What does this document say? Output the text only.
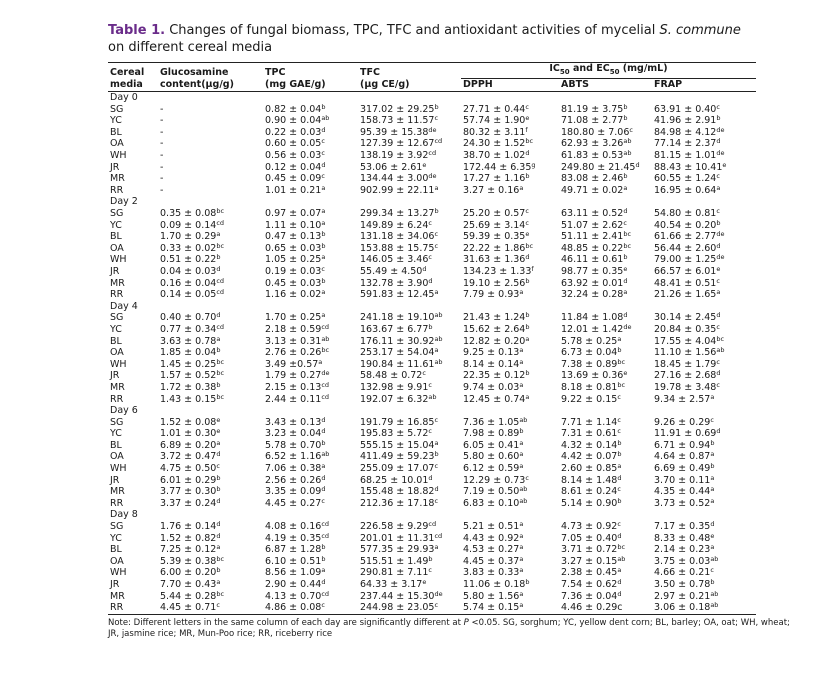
Table 1. Changes of fungal biomass, TPC, TFC and antioxidant activities of mycelial S. commune on different cereal media
Cereal	Glucosamine	TPC	TFC	$IC_{50}$ and $EC_{50}$ (mg/mL)		
media	content(µg/g)	(mg GAE/g)	(µg CE/g)	DPPH	ABTS	FRAP
Day 0						
SG	-	0.82 ± 0.04$^b$	317.02 ± 29.25$^b$	27.71 ± 0.44$^c$	81.19 ± 3.75$^b$	63.91 ± 0.40$^c$
YC	-	0.90 ± 0.04$^{ab}$	158.73 ± 11.57$^c$	57.74 ± 1.90$^e$	71.08 ± 2.77$^b$	41.96 ± 2.91$^b$
BL	-	0.22 ± 0.03$^d$	95.39 ± 15.38de	80.32 ± 3.11$^f$	180.80 ± 7.06$^c$	84.98 ± 4.12de
OA	-	0.60 ± 0.05$^c$	127.39 ± 12.67$^{cd}$	24.30 ± 1.52$^{bc}$	62.93 ± 3.26$^{ab}$	77.14 ± 2.37$^d$
WH	-	0.56 ± 0.03$^c$	138.19 ± 3.92$^{cd}$	38.70 ± 1.02$^d$	61.83 ± 0.53$^{ab}$	81.15 ± 1.01de
JR	-	0.12 ± 0.04$^d$	53.06 ± 2.61$^e$	172.44 ± 6.35$^g$	249.80 ± 21.45$^d$	88.43 ± 10.41$^e$
MR	-	0.45 ± 0.09$^c$	134.44 ± 3.00de	17.27 ± 1.16$^b$	83.08 ± 2.46$^b$	60.55 ± 1.24$^c$
RR	-	1.01 ± 0.21$^a$	902.99 ± 22.11$^a$	3.27 ± 0.16$^a$	49.71 ± 0.02$^a$	16.95 ± 0.64$^a$
Day 2						
SG	0.35 ± 0.08$^{bc}$	0.97 ± 0.07$^a$	299.34 ± 13.27$^b$	25.20 ± 0.57$^c$	63.11 ± 0.52$^d$	54.80 ± 0.81$^c$
YC	0.09 ± 0.14$^{cd}$	1.11 ± 0.10$^a$	149.89 ± 6.24$^c$	25.69 ± 3.14$^c$	51.07 ± 2.62$^c$	40.54 ± 0.20$^b$
BL	1.70 ± 0.29$^a$	0.47 ± 0.13$^b$	131.18 ± 34.06$^c$	59.39 ± 0.35$^e$	51.11 ± 2.41$^{bc}$	61.66 ± 2.77de
OA	0.33 ± 0.02$^{bc}$	0.65 ± 0.03$^b$	153.88 ± 15.75$^c$	22.22 ± 1.86$^{bc}$	48.85 ± 0.22$^{bc}$	56.44 ± 2.60$^d$
WH	0.51 ± 0.22$^b$	1.05 ± 0.25$^a$	146.05 ± 3.46$^c$	31.63 ± 1.36$^d$	46.11 ± 0.61$^b$	79.00 ± 1.25de
JR	0.04 ± 0.03$^d$	0.19 ± 0.03$^c$	55.49 ± 4.50$^d$	134.23 ± 1.33$^f$	98.77 ± 0.35$^e$	66.57 ± 6.01$^e$
MR	0.16 ± 0.04$^{cd}$	0.45 ± 0.03$^b$	132.78 ± 3.90$^d$	19.10 ± 2.56$^b$	63.92 ± 0.01$^d$	48.41 ± 0.51$^c$
RR	0.14 ± 0.05$^{cd}$	1.16 ± 0.02$^a$	591.83 ± 12.45$^a$	7.79 ± 0.93$^a$	32.24 ± 0.28$^a$	21.26 ± 1.65$^a$
Day 4						
SG	0.40 ± 0.70$^d$	1.70 ± 0.25$^a$	241.18 ± 19.10$^{ab}$	21.43 ± 1.24$^b$	11.84 ± 1.08$^d$	30.14 ± 2.45$^d$
YC	0.77 ± 0.34$^{cd}$	2.18 ± 0.59$^{cd}$	163.67 ± 6.77$^b$	15.62 ± 2.64$^b$	12.01 ± 1.42de	20.84 ± 0.35$^c$
BL	3.63 ± 0.78$^a$	3.13 ± 0.31$^{ab}$	176.11 ± 30.92$^{ab}$	12.82 ± 0.20$^a$	5.78 ± 0.25$^a$	17.55 ± 4.04$^{bc}$
OA	1.85 ± 0.04$^b$	2.76 ± 0.26$^{bc}$	253.17 ± 54.04$^a$	9.25 ± 0.13$^a$	6.73 ± 0.04$^b$	11.10 ± 1.56$^{ab}$
WH	1.45 ± 0.25$^{bc}$	3.49 ±0.57$^a$	190.84 ± 11.61$^{ab}$	8.14 ± 0.14$^a$	7.38 ± 0.89$^{bc}$	18.45 ± 1.79$^c$
JR	1.57 ± 0.52$^{bc}$	1.79 ± 0.27de	58.48 ± 0.72$^c$	22.35 ± 0.12$^b$	13.69 ± 0.36$^e$	27.16 ± 2.68$^d$
MR	1.72 ± 0.38$^b$	2.15 ± 0.13$^{cd}$	132.98 ± 9.91$^c$	9.74 ± 0.03$^a$	8.18 ± 0.81$^{bc}$	19.78 ± 3.48$^c$
RR	1.43 ± 0.15$^{bc}$	2.44 ± 0.11$^{cd}$	192.07 ± 6.32$^{ab}$	12.45 ± 0.74$^a$	9.22 ± 0.15$^c$	9.34 ± 2.57$^a$
Day 6						
SG	1.52 ± 0.08$^e$	3.43 ± 0.13$^d$	191.79 ± 16.85$^c$	7.36 ± 1.05$^{ab}$	7.71 ± 1.14$^c$	9.26 ± 0.29$^c$
YC	1.01 ± 0.30$^e$	3.23 ± 0.04$^d$	195.83 ± 5.72$^c$	7.98 ± 0.89$^b$	7.31 ± 0.61$^c$	11.91 ± 0.69$^d$
BL	6.89 ± 0.20$^a$	5.78 ± 0.70$^b$	555.15 ± 15.04$^a$	6.05 ± 0.41$^a$	4.32 ± 0.14$^b$	6.71 ± 0.94$^b$
OA	3.72 ± 0.47$^d$	6.52 ± 1.16$^{ab}$	411.49 ± 59.23$^b$	5.80 ± 0.60$^a$	4.42 ± 0.07$^b$	4.64 ± 0.87$^a$
WH	4.75 ± 0.50$^c$	7.06 ± 0.38$^a$	255.09 ± 17.07$^c$	6.12 ± 0.59$^a$	2.60 ± 0.85$^a$	6.69 ± 0.49$^b$
JR	6.01 ± 0.29$^b$	2.56 ± 0.26$^d$	68.25 ± 10.01$^d$	12.29 ± 0.73$^c$	8.14 ± 1.48$^d$	3.70 ± 0.11$^a$
MR	3.77 ± 0.30$^b$	3.35 ± 0.09$^d$	155.48 ± 18.82$^d$	7.19 ± 0.50$^{ab}$	8.61 ± 0.24$^c$	4.35 ± 0.44$^a$
RR	3.37 ± 0.24$^d$	4.45 ± 0.27$^c$	212.36 ± 17.18$^c$	6.83 ± 0.10$^{ab}$	5.14 ± 0.90$^b$	3.73 ± 0.52$^a$
Day 8						
SG	1.76 ± 0.14$^d$	4.08 ± 0.16$^{cd}$	226.58 ± 9.29$^{cd}$	5.21 ± 0.51$^a$	4.73 ± 0.92$^c$	7.17 ± 0.35$^d$
YC	1.52 ± 0.82$^d$	4.19 ± 0.35$^{cd}$	201.01 ± 11.31$^{cd}$	4.43 ± 0.92$^a$	7.05 ± 0.40$^d$	8.33 ± 0.48$^e$
BL	7.25 ± 0.12$^a$	6.87 ± 1.28$^b$	577.35 ± 29.93$^a$	4.53 ± 0.27$^a$	3.71 ± 0.72$^{bc}$	2.14 ± 0.23$^a$
OA	5.39 ± 0.38$^{bc}$	6.10 ± 0.51$^b$	515.51 ± 1.49$^b$	4.45 ± 0.37$^a$	3.27 ± 0.15$^{ab}$	3.75 ± 0.03$^{ab}$
WH	6.00 ± 0.20$^b$	8.56 ± 1.09$^a$	290.81 ± 7.11$^c$	3.83 ± 0.33$^a$	2.38 ± 0.45$^a$	4.66 ± 0.21$^c$
JR	7.70 ± 0.43$^a$	2.90 ± 0.44$^d$	64.33 ± 3.17$^e$	11.06 ± 0.18$^b$	7.54 ± 0.62$^d$	3.50 ± 0.78$^b$
MR	5.44 ± 0.28$^{bc}$	4.13 ± 0.70$^{cd}$	237.44 ± 15.30de	5.80 ± 1.56$^a$	7.36 ± 0.04$^d$	2.97 ± 0.21$^{ab}$
RR	4.45 ± 0.71$^c$	4.86 ± 0.08$^c$	244.98 ± 23.05$^c$	5.74 ± 0.15$^a$	4.46 ± 0.29c	3.06 ± 0.18$^{ab}$
Note: Different letters in the same column of each day are significantly different at P <0.05. SG, sorghum; YC, yellow dent corn; BL, barley; OA, oat; WH, wheat; JR, jasmine rice; MR, Mun-Poo rice; RR, riceberry rice
